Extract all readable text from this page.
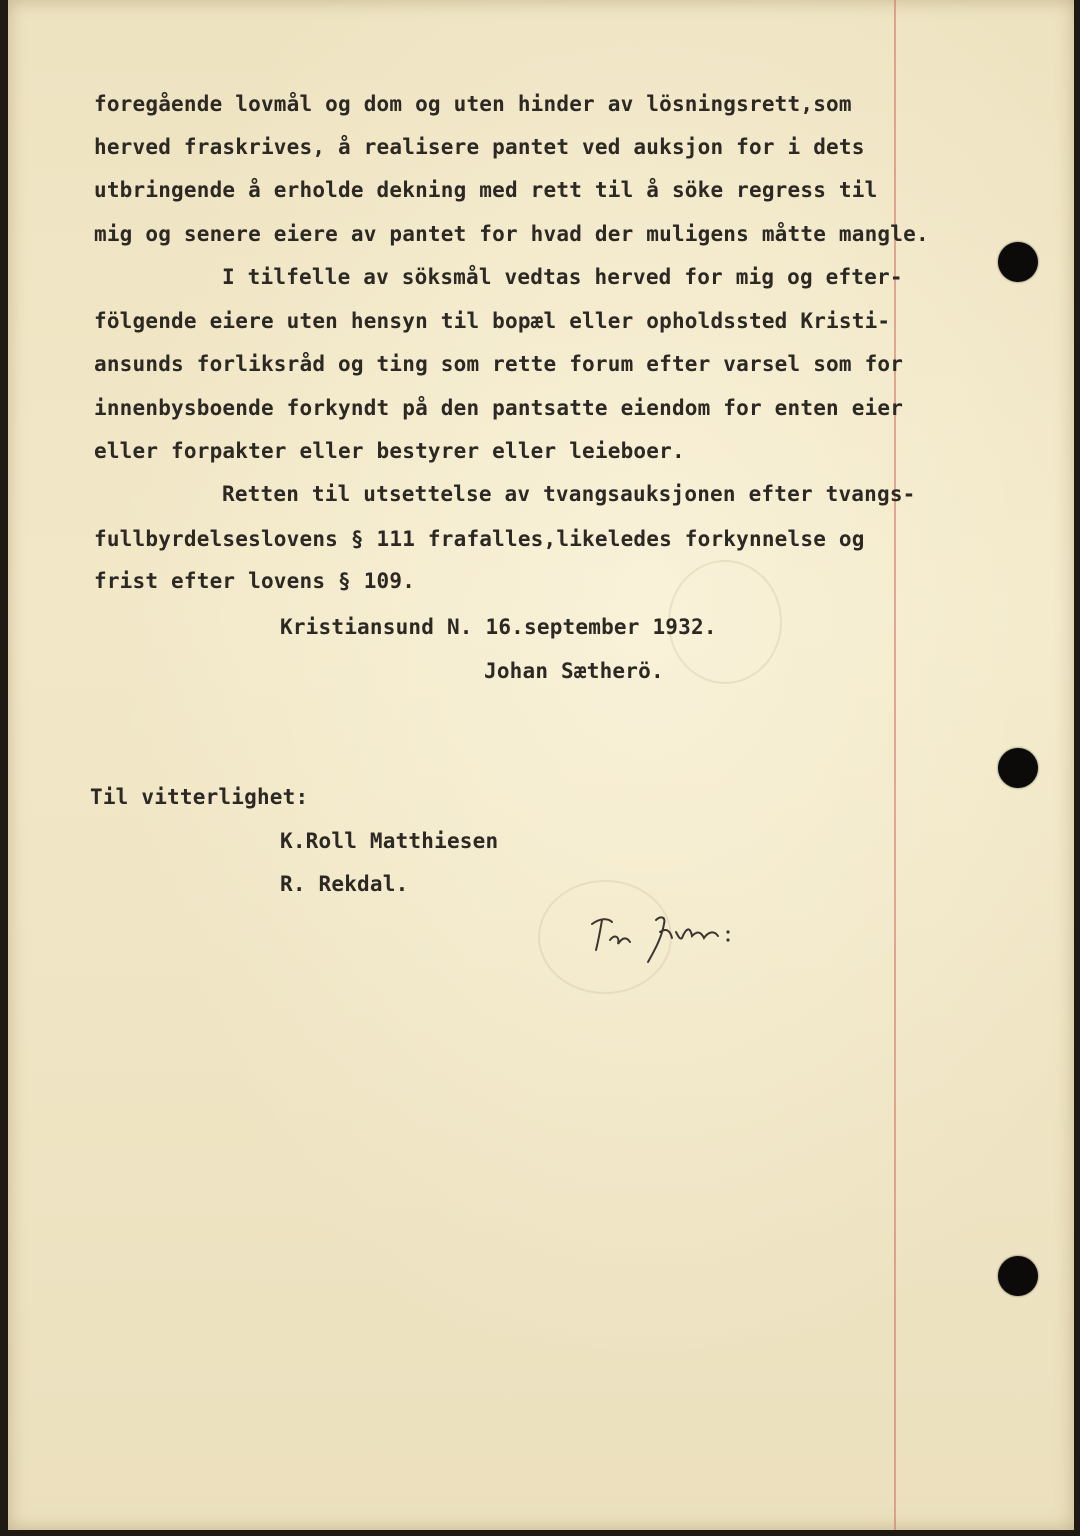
foregående lovmål og dom og uten hinder av lösningsrett,som

herved fraskrives, å realisere pantet ved auksjon for i dets

utbringende å erholde dekning med rett til å söke regress til

mig og senere eiere av pantet for hvad der muligens måtte mangle.

I tilfelle av söksmål vedtas herved for mig og efter-

fölgende eiere uten hensyn til bopæl eller opholdssted Kristi-

ansunds forliksråd og ting som rette forum efter varsel som for

innenbysboende forkyndt på den pantsatte eiendom for enten eier

eller forpakter eller bestyrer eller leieboer.

Retten til utsettelse av tvangsauksjonen efter tvangs-

fullbyrdelseslovens § 111 frafalles,likeledes forkynnelse og

frist efter lovens § 109.

Kristiansund N. 16.september 1932.

Johan Sætherö.

Til vitterlighet:

K.Roll Matthiesen

R. Rekdal.
